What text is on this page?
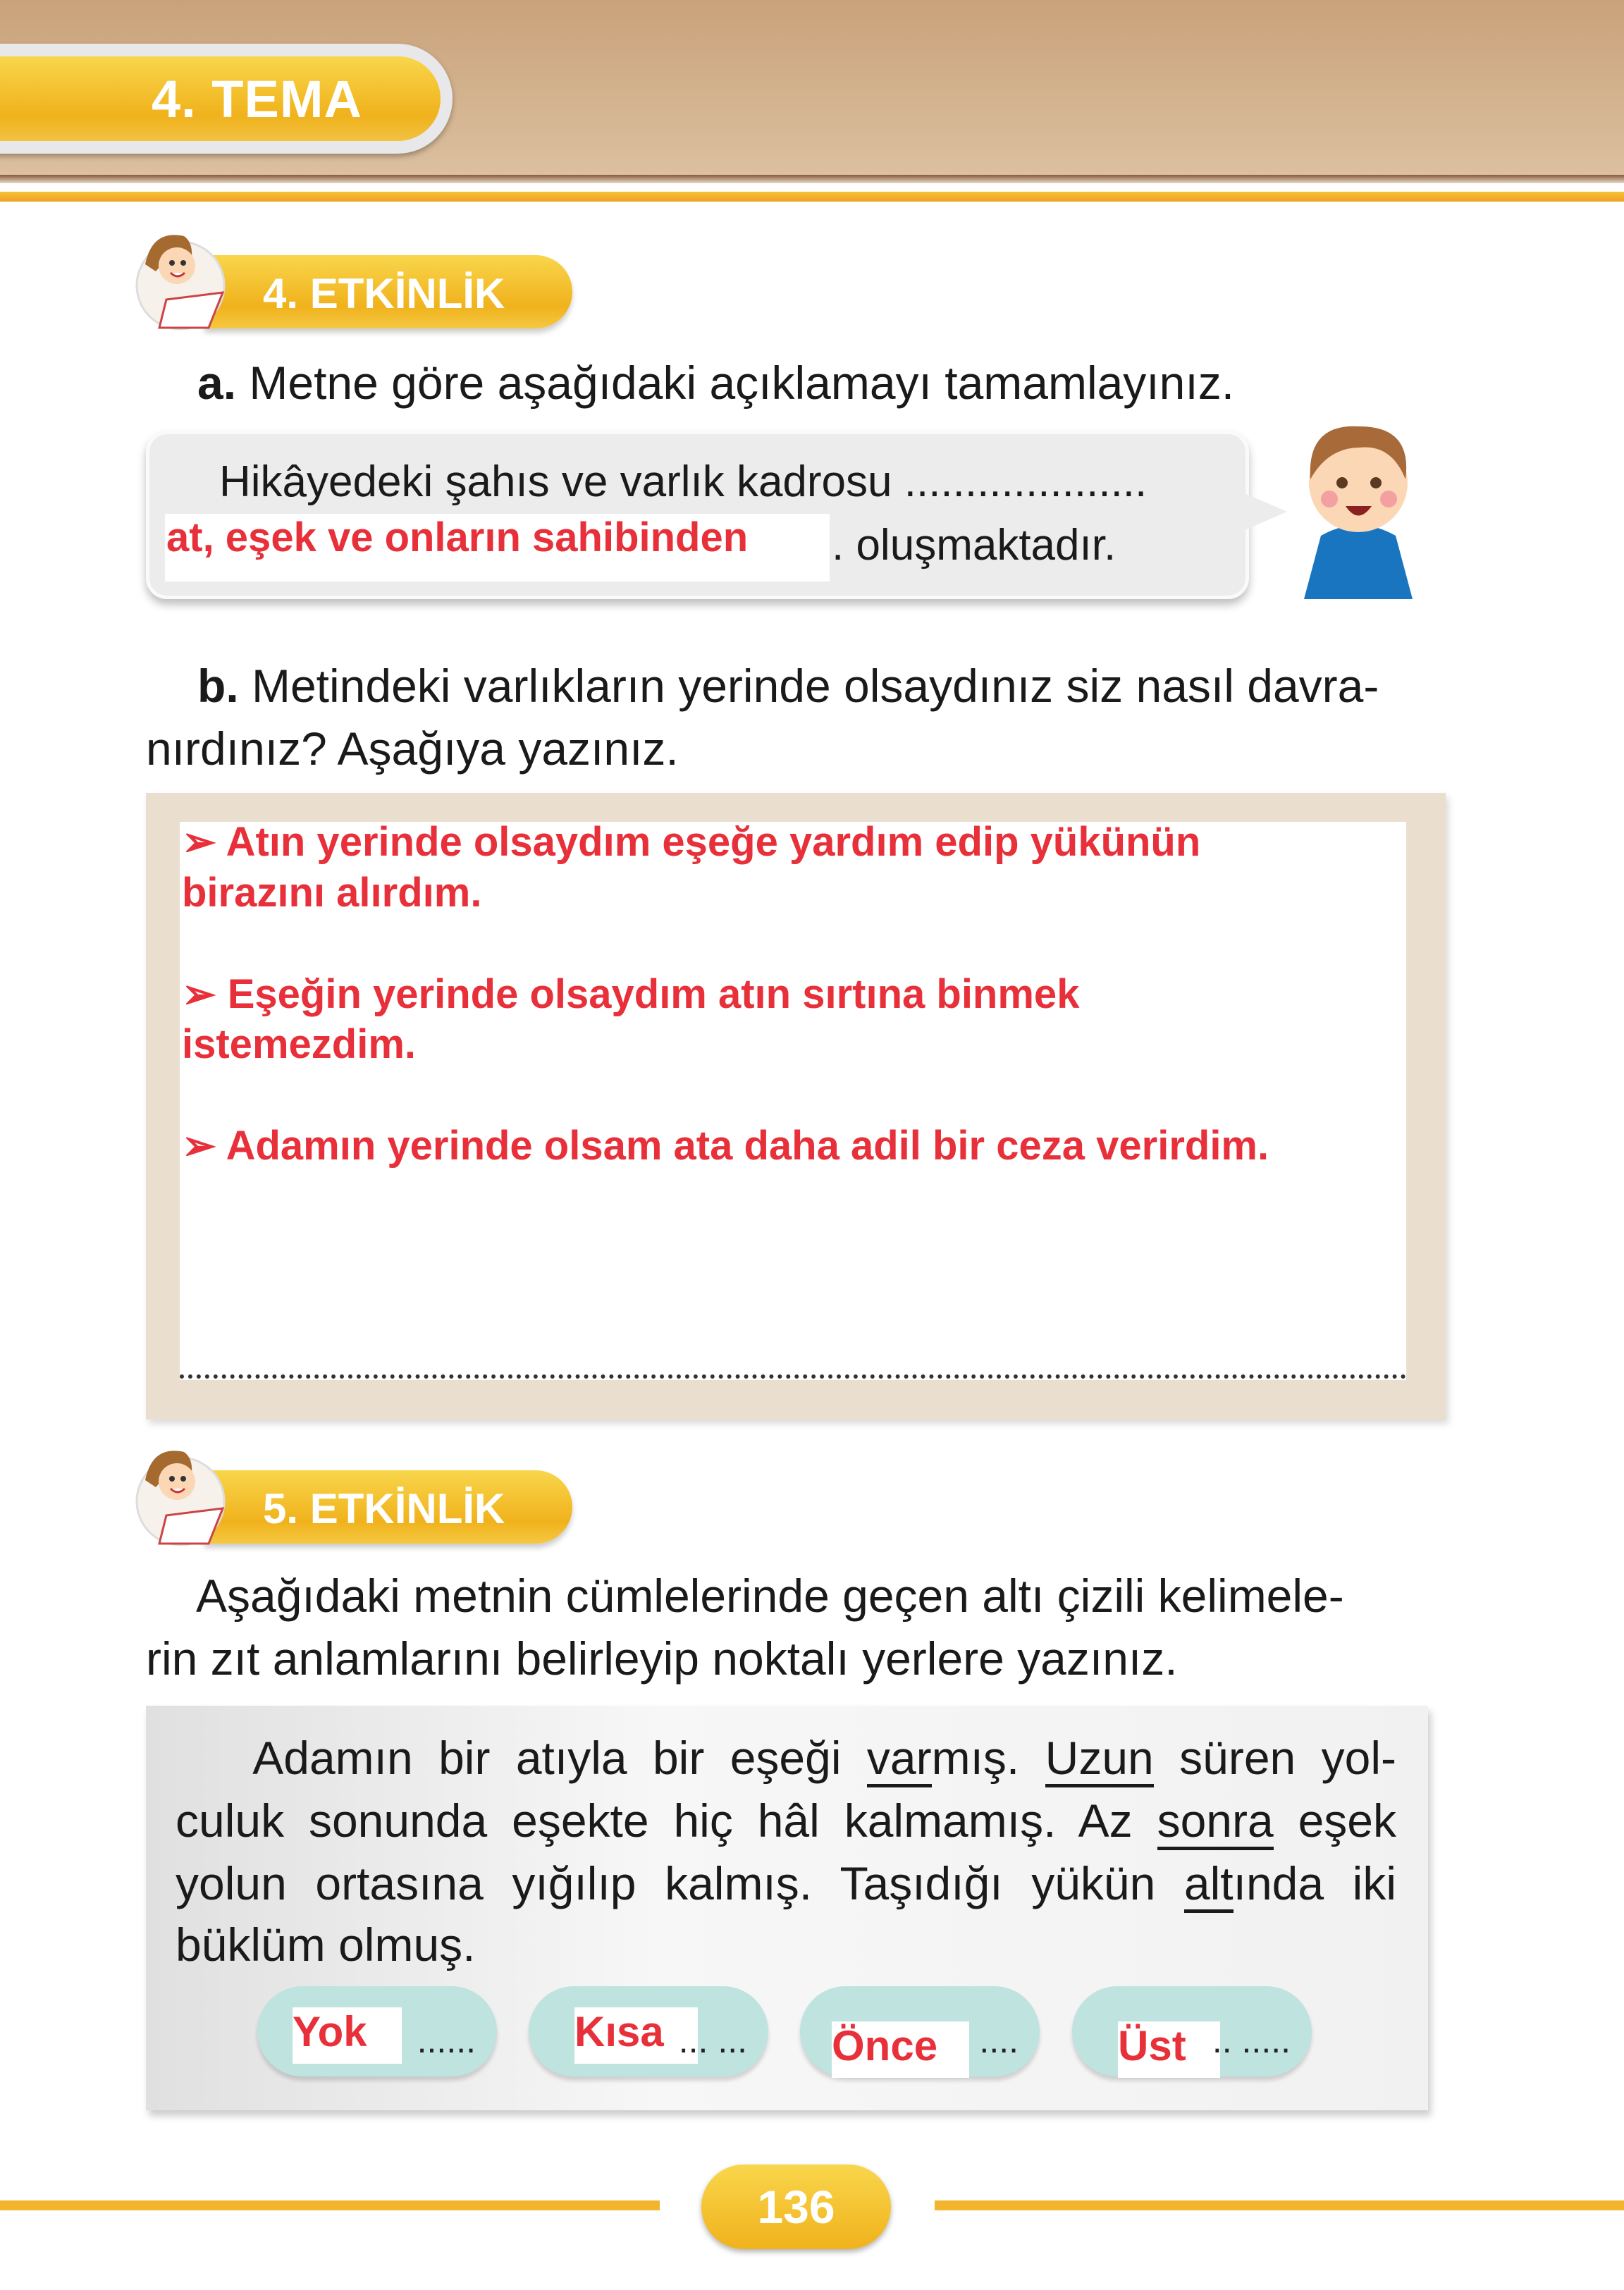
4. TEMA
4. ETKİNLİK
a. Metne göre aşağıdaki açıklamayı tamamlayınız.
Hikâyedeki şahıs ve varlık kadrosu ....................
at, eşek ve onların sahibinden . oluşmaktadır.
b. Metindeki varlıkların yerinde olsaydınız siz nasıl davra-
nırdınız? Aşağıya yazınız.
➢ Atın yerinde olsaydım eşeğe yardım edip yükünün
birazını alırdım.
➢ Eşeğin yerinde olsaydım atın sırtına binmek
istemezdim.
➢ Adamın yerinde olsam ata daha adil bir ceza verirdim.
5. ETKİNLİK
Aşağıdaki metnin cümlelerinde geçen altı çizili kelimele-
rin zıt anlamlarını belirleyip noktalı yerlere yazınız.
Adamın bir atıyla bir eşeği varmış. Uzun süren yol-
culuk sonunda eşekte hiç hâl kalmamış. Az sonra eşek
yolun ortasına yığılıp kalmış. Taşıdığı yükün altında iki
büklüm olmuş.
Yok ...... Kısa ... ... Önce .... Üst .. .....
136
